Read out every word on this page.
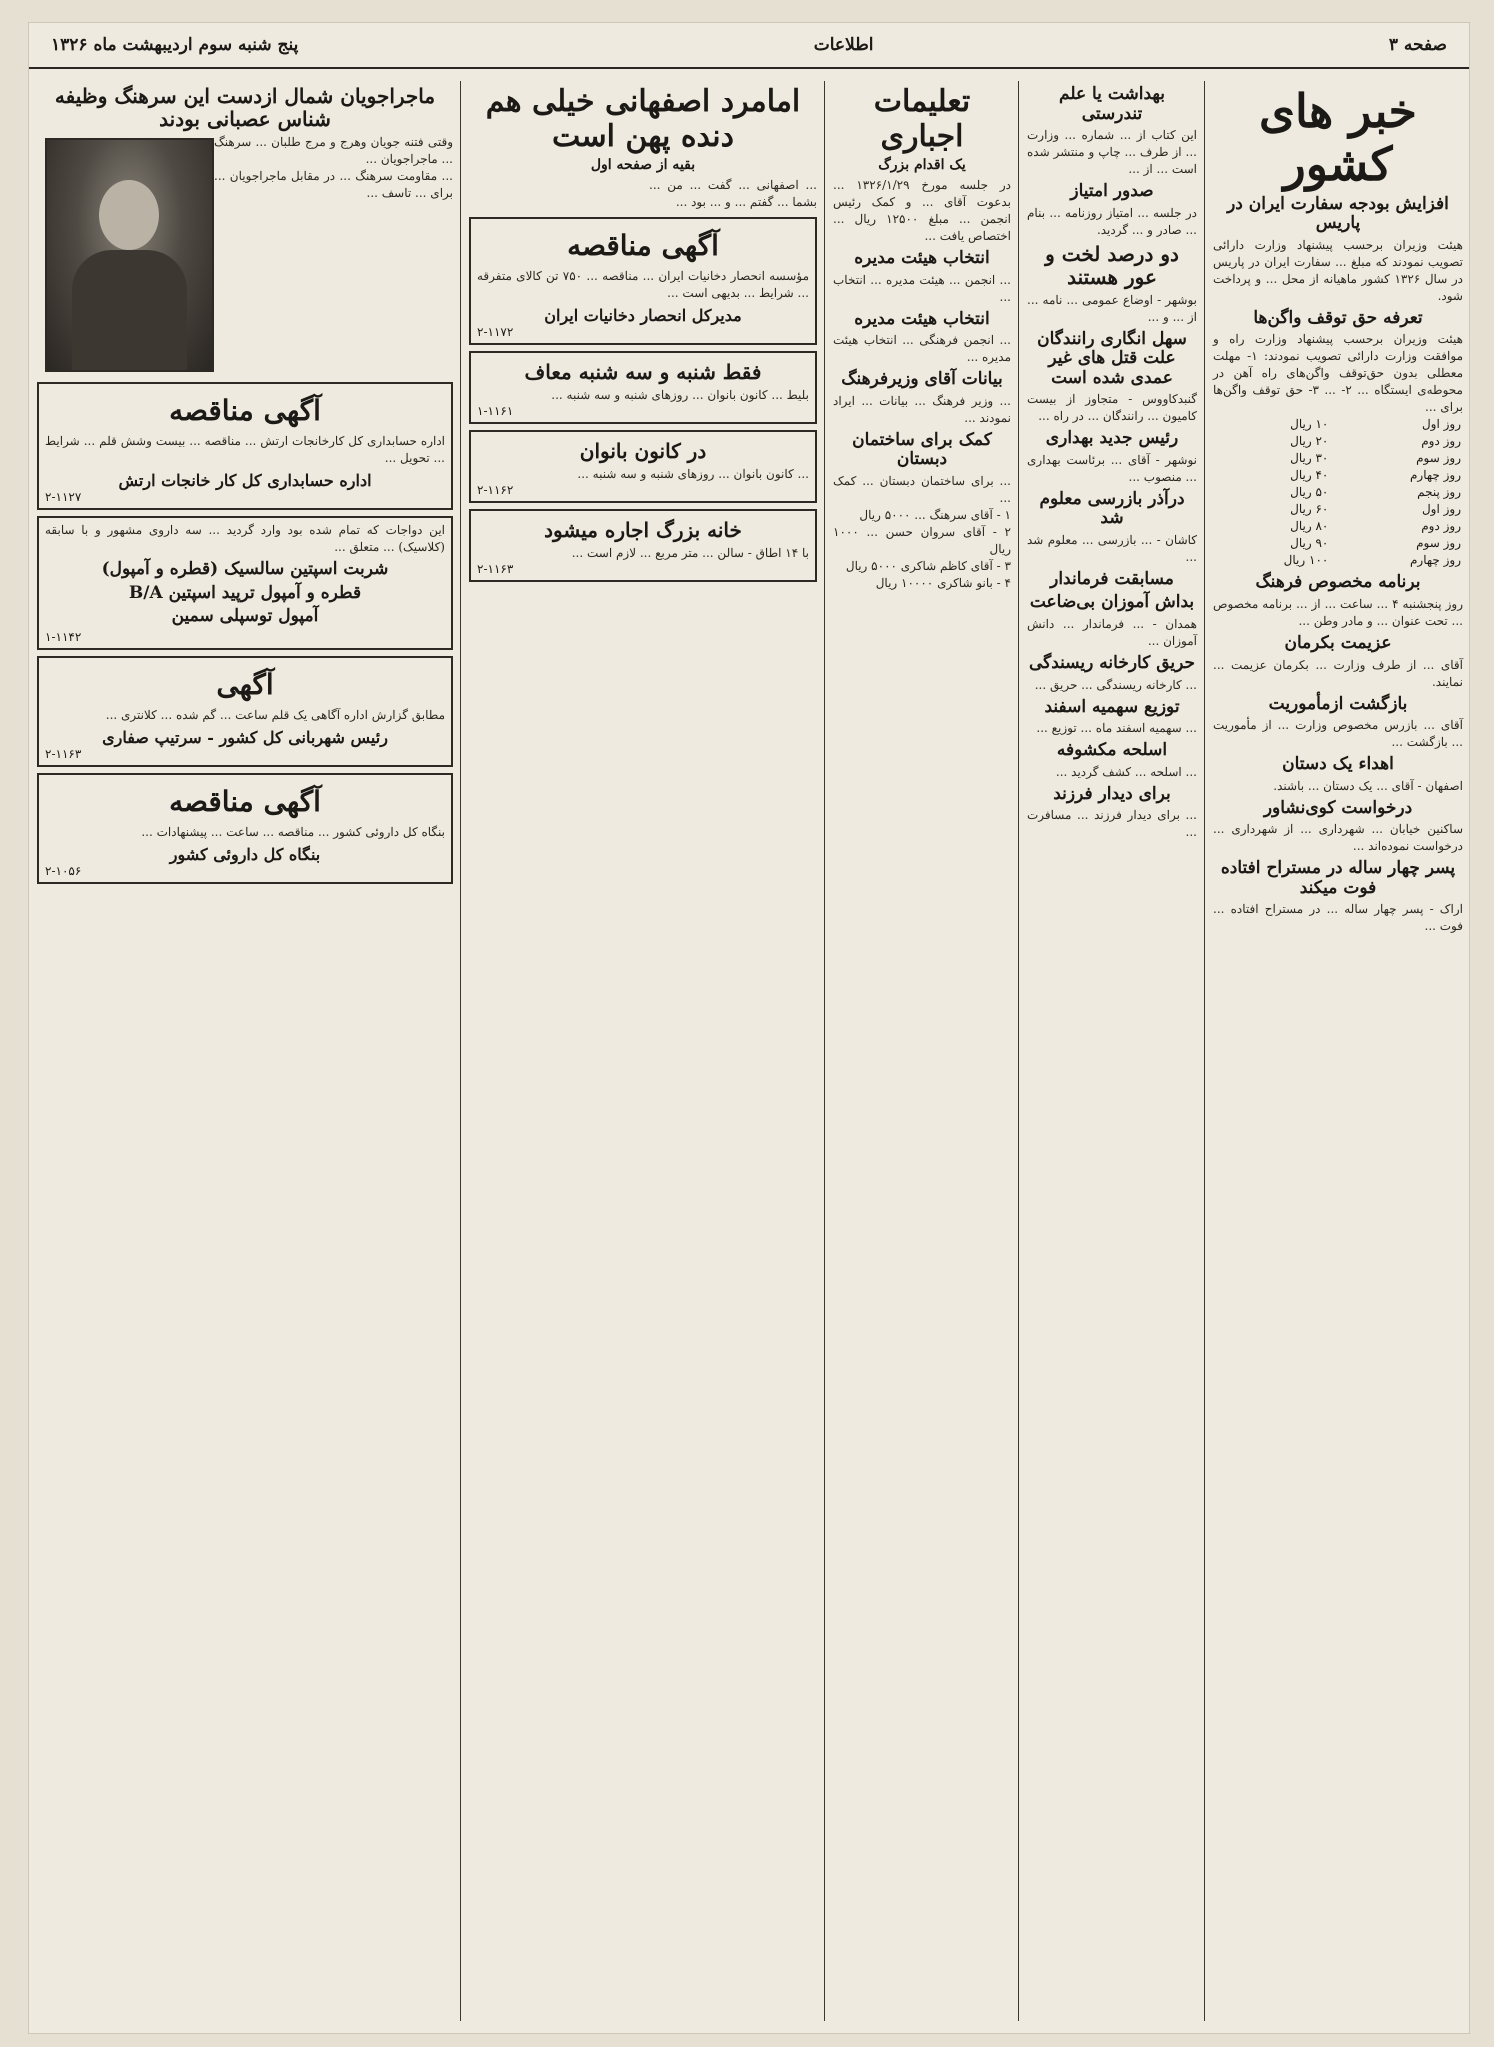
صفحه ۳
اطلاعات
پنج شنبه سوم اردیبهشت ماه ۱۳۲۶
خبر های کشور
افزایش بودجه سفارت ایران در پاریس
هیئت وزیران برحسب پیشنهاد وزارت دارائی تصویب نمودند که مبلغ ... سفارت ایران در پاریس در سال ۱۳۲۶ کشور ماهیانه از محل ... و پرداخت شود.
تعرفه حق توقف واگن‌ها
هیئت وزیران برحسب پیشنهاد وزارت راه و موافقت وزارت دارائی تصویب نمودند: ۱- مهلت معطلی بدون حق‌توقف واگن‌های راه آهن در محوطه‌ی ایستگاه ... ۲- ... ۳- حق توقف واگن‌ها برای ...
روز اول	۱۰ ریال
روز دوم	۲۰ ریال
روز سوم	۳۰ ریال
روز چهارم	۴۰ ریال
روز پنجم	۵۰ ریال
روز اول	۶۰ ریال
روز دوم	۸۰ ریال
روز سوم	۹۰ ریال
روز چهارم	۱۰۰ ریال
برنامه مخصوص فرهنگ
روز پنجشنبه ۴ ... ساعت ... از ... برنامه مخصوص ... تحت عنوان ... و مادر وطن ...
عزیمت بکرمان
آقای ... از طرف وزارت ... بکرمان عزیمت ... نمایند.
بازگشت ازمأموریت
آقای ... بازرس مخصوص وزارت ... از مأموریت ... بازگشت ...
اهداء یک دستان
اصفهان - آقای ... یک دستان ... باشند.
درخواست کوی‌نشاور
ساکنین خیابان ... شهرداری ... از شهرداری ... درخواست نموده‌اند ...
پسر چهار ساله در مستراح افتاده فوت میکند
اراک - پسر چهار ساله ... در مستراح افتاده ... فوت ...
بهداشت یا علم تندرستی
این کتاب از ... شماره ... وزارت ... از طرف ... چاپ و منتشر شده است ... از ...
صدور امتیاز
در جلسه ... امتیاز روزنامه ... بنام ... صادر و ... گردید.
دو درصد لخت و عور هستند
بوشهر - اوضاع عمومی ... نامه ... از ... و ...
سهل انگاری رانندگان علت قتل های غیر عمدی شده است
گنبدکاووس - متجاوز از بیست کامیون ... رانندگان ... در راه ...
رئیس جدید بهداری
نوشهر - آقای ... برئاست بهداری ... منصوب ...
درآذر بازرسی معلوم شد
کاشان - ... بازرسی ... معلوم شد ...
مسابقت فرماندار
بداش آموزان بی‌ضاعت
همدان - ... فرماندار ... دانش آموزان ...
حریق کارخانه ریسندگی
... کارخانه ریسندگی ... حریق ...
توزیع سهمیه اسفند
... سهمیه اسفند ماه ... توزیع ...
اسلحه مکشوفه
... اسلحه ... کشف گردید ...
برای دیدار فرزند
... برای دیدار فرزند ... مسافرت ...
تعلیمات اجباری
یک اقدام بزرگ
در جلسه مورخ ۱۳۲۶/۱/۲۹ ... بدعوت آقای ... و کمک رئیس انجمن ... مبلغ ۱۲۵۰۰ ریال ... اختصاص یافت ...
انتخاب هیئت مدیره
... انجمن ... هیئت مدیره ... انتخاب ...
انتخاب هیئت مدیره
... انجمن فرهنگی ... انتخاب هیئت مدیره ...
بیانات آقای وزیرفرهنگ
... وزیر فرهنگ ... بیانات ... ایراد نمودند ...
کمک برای ساختمان دبستان
... برای ساختمان دبستان ... کمک ...
۱ - آقای سرهنگ ... ۵۰۰۰ ریال
۲ - آقای سروان حسن ... ۱۰۰۰ ریال
۳ - آقای کاظم شاکری ۵۰۰۰ ریال
۴ - بانو شاکری ۱۰۰۰۰ ریال
امامرد اصفهانی خیلی هم دنده پهن است
بقیه از صفحه اول
... اصفهانی ... گفت ... من ... بشما ... گفتم ... و ... بود ...
آگهی مناقصه
مؤسسه انحصار دخانیات ایران ... مناقصه ... ۷۵۰ تن کالای متفرقه ... شرایط ... بدیهی است ...
مدیرکل انحصار دخانیات ایران
۲-۱۱۷۲
فقط شنبه و سه شنبه معاف
بلیط ... کانون بانوان ... روزهای شنبه و سه شنبه ...
۱-۱۱۶۱
در کانون بانوان
... کانون بانوان ... روزهای شنبه و سه شنبه ...
۲-۱۱۶۲
خانه بزرگ اجاره میشود
با ۱۴ اطاق - سالن ... متر مربع ... لازم است ...
۲-۱۱۶۳
ماجراجویان شمال ازدست این سرهنگ وظیفه شناس عصبانی بودند
وقتی فتنه جویان وهرج و مرج طلبان ... سرهنگ ... ماجراجویان ...
... مقاومت سرهنگ ... در مقابل ماجراجویان ... برای ... تاسف ...
آگهی مناقصه
اداره حسابداری کل کارخانجات ارتش ... مناقصه ... بیست وشش قلم ... شرایط ... تحویل ...
اداره حسابداری کل کار خانجات ارتش
۲-۱۱۲۷
این دواجات که تمام شده بود وارد گردید ... سه داروی مشهور و با سابقه (کلاسیک) ... متعلق ...
شربت اسپتین سالسیک (قطره و آمپول)
قطره و آمپول ترپید اسپتین B/A
آمپول توسپلی سمین
۱-۱۱۴۲
آگهی
مطابق گزارش اداره آگاهی یک قلم ساعت ... گم شده ... کلانتری ...
رئیس شهربانی کل کشور - سرتیپ صفاری
۲-۱۱۶۳
آگهی مناقصه
بنگاه کل داروئی کشور ... مناقصه ... ساعت ... پیشنهادات ...
بنگاه کل داروئی کشور
۲-۱۰۵۶
